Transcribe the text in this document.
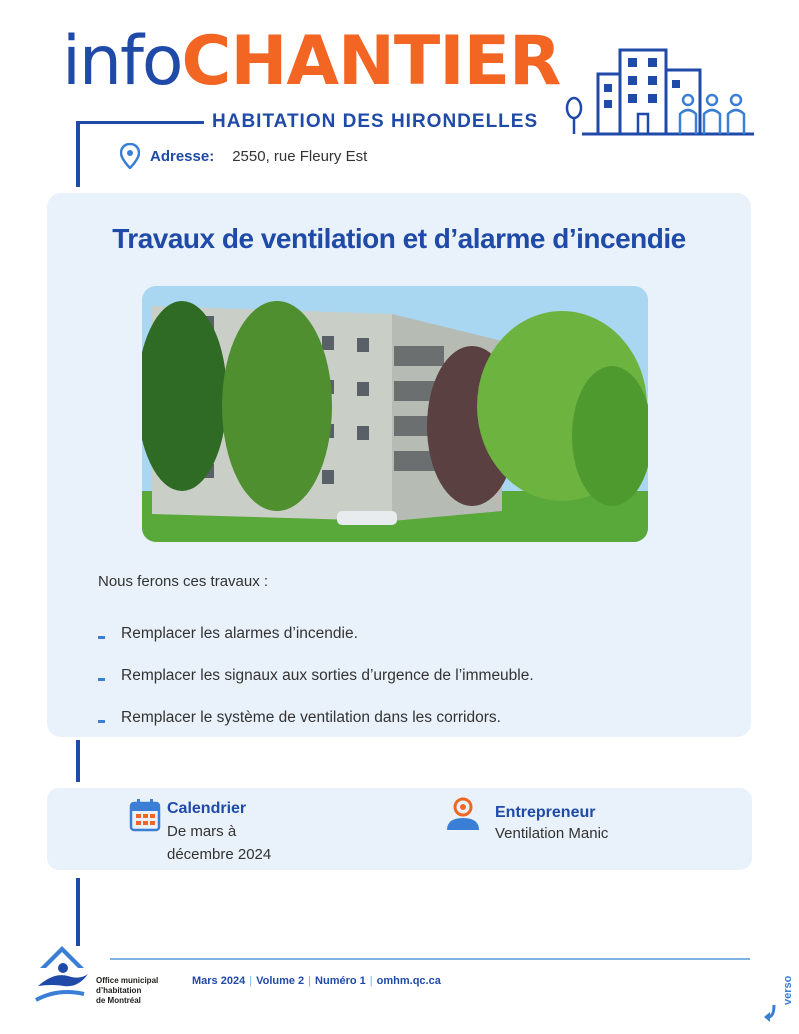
infoCHANTIER
HABITATION DES HIRONDELLES
Adresse: 2550, rue Fleury Est
Travaux de ventilation et d’alarme d’incendie
Nous ferons ces travaux :
Remplacer les alarmes d’incendie.
Remplacer les signaux aux sorties d’urgence de l’immeuble.
Remplacer le système de ventilation dans les corridors.
Calendrier
De mars à
décembre 2024
Entrepreneur
Ventilation Manic
Office municipal
d’habitation
de Montréal
Mars 2024 | Volume 2 | Numéro 1 | omhm.qc.ca	verso
